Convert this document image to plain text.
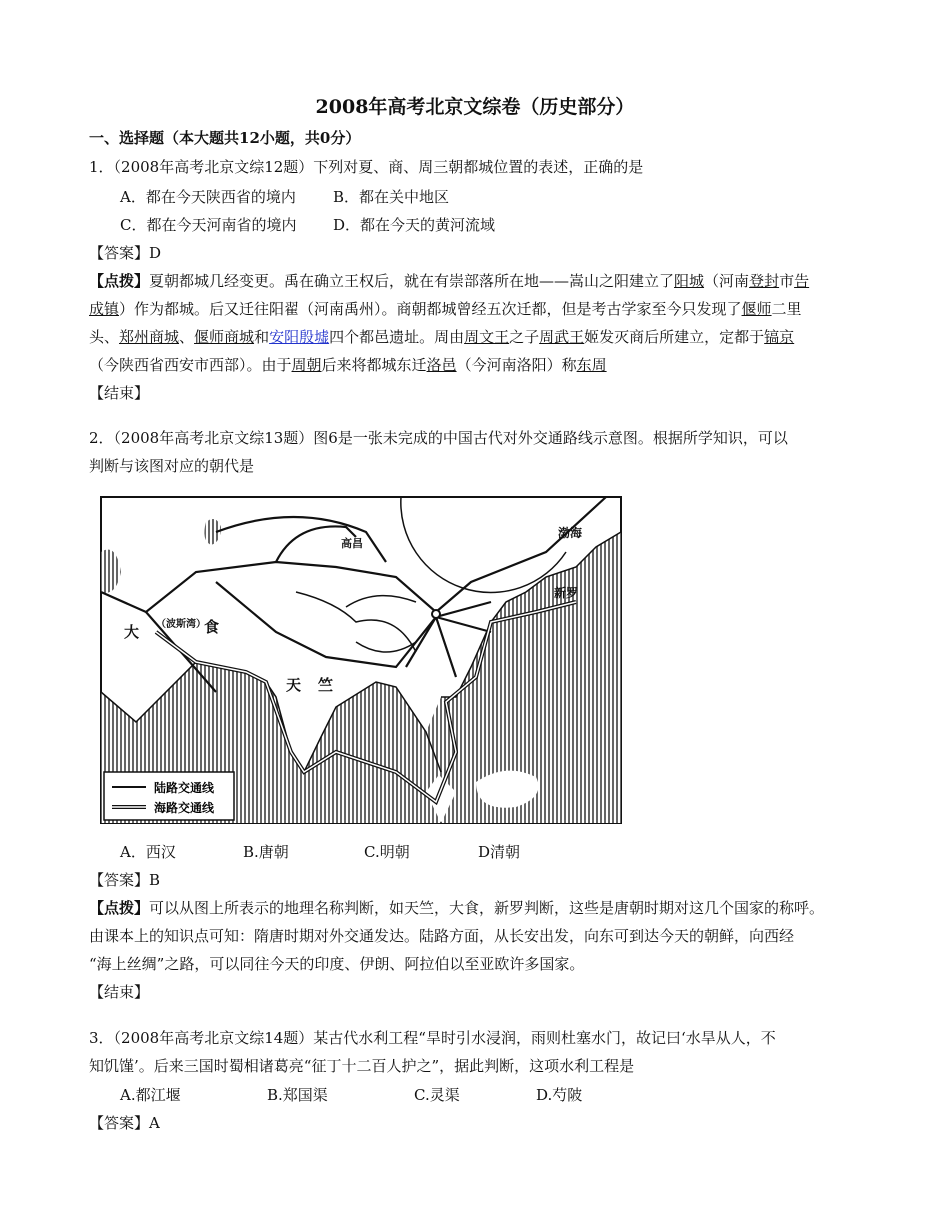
2008年高考北京文综卷（历史部分）
一、选择题（本大题共12小题，共0分）
1．（2008年高考北京文综12题）下列对夏、商、周三朝都城位置的表述，正确的是
A．都在今天陕西省的境内 B．都在关中地区
C．都在今天河南省的境内 D．都在今天的黄河流域
【答案】D
【点拨】夏朝都城几经变更。禹在确立王权后，就在有崇部落所在地——嵩山之阳建立了阳城（河南登封市告
成镇）作为都城。后又迁往阳翟（河南禹州）。商朝都城曾经五次迁都，但是考古学家至今只发现了偃师二里
头、郑州商城、偃师商城和安阳殷墟四个都邑遗址。周由周文王之子周武王姬发灭商后所建立，定都于镐京
（今陕西省西安市西部）。由于周朝后来将都城东迁洛邑（今河南洛阳）称东周
【结束】
2．（2008年高考北京文综13题）图6是一张未完成的中国古代对外交通路线示意图。根据所学知识，可以
判断与该图对应的朝代是
大	食
（波斯湾）
天 竺
高昌
渤海
新罗
陆路交通线
海路交通线
A．西汉	B.唐朝	C.明朝	D清朝
【答案】B
【点拨】可以从图上所表示的地理名称判断，如天竺，大食，新罗判断，这些是唐朝时期对这几个国家的称呼。
由课本上的知识点可知：隋唐时期对外交通发达。陆路方面，从长安出发，向东可到达今天的朝鲜，向西经
“海上丝绸”之路，可以同往今天的印度、伊朗、阿拉伯以至亚欧许多国家。
【结束】
3．（2008年高考北京文综14题）某古代水利工程“旱时引水浸润，雨则杜塞水门，故记曰‘水旱从人，不
知饥馑’。后来三国时蜀相诸葛亮“征丁十二百人护之”，据此判断，这项水利工程是
A.都江堰	B.郑国渠	C.灵渠	D.芍陂
【答案】A
